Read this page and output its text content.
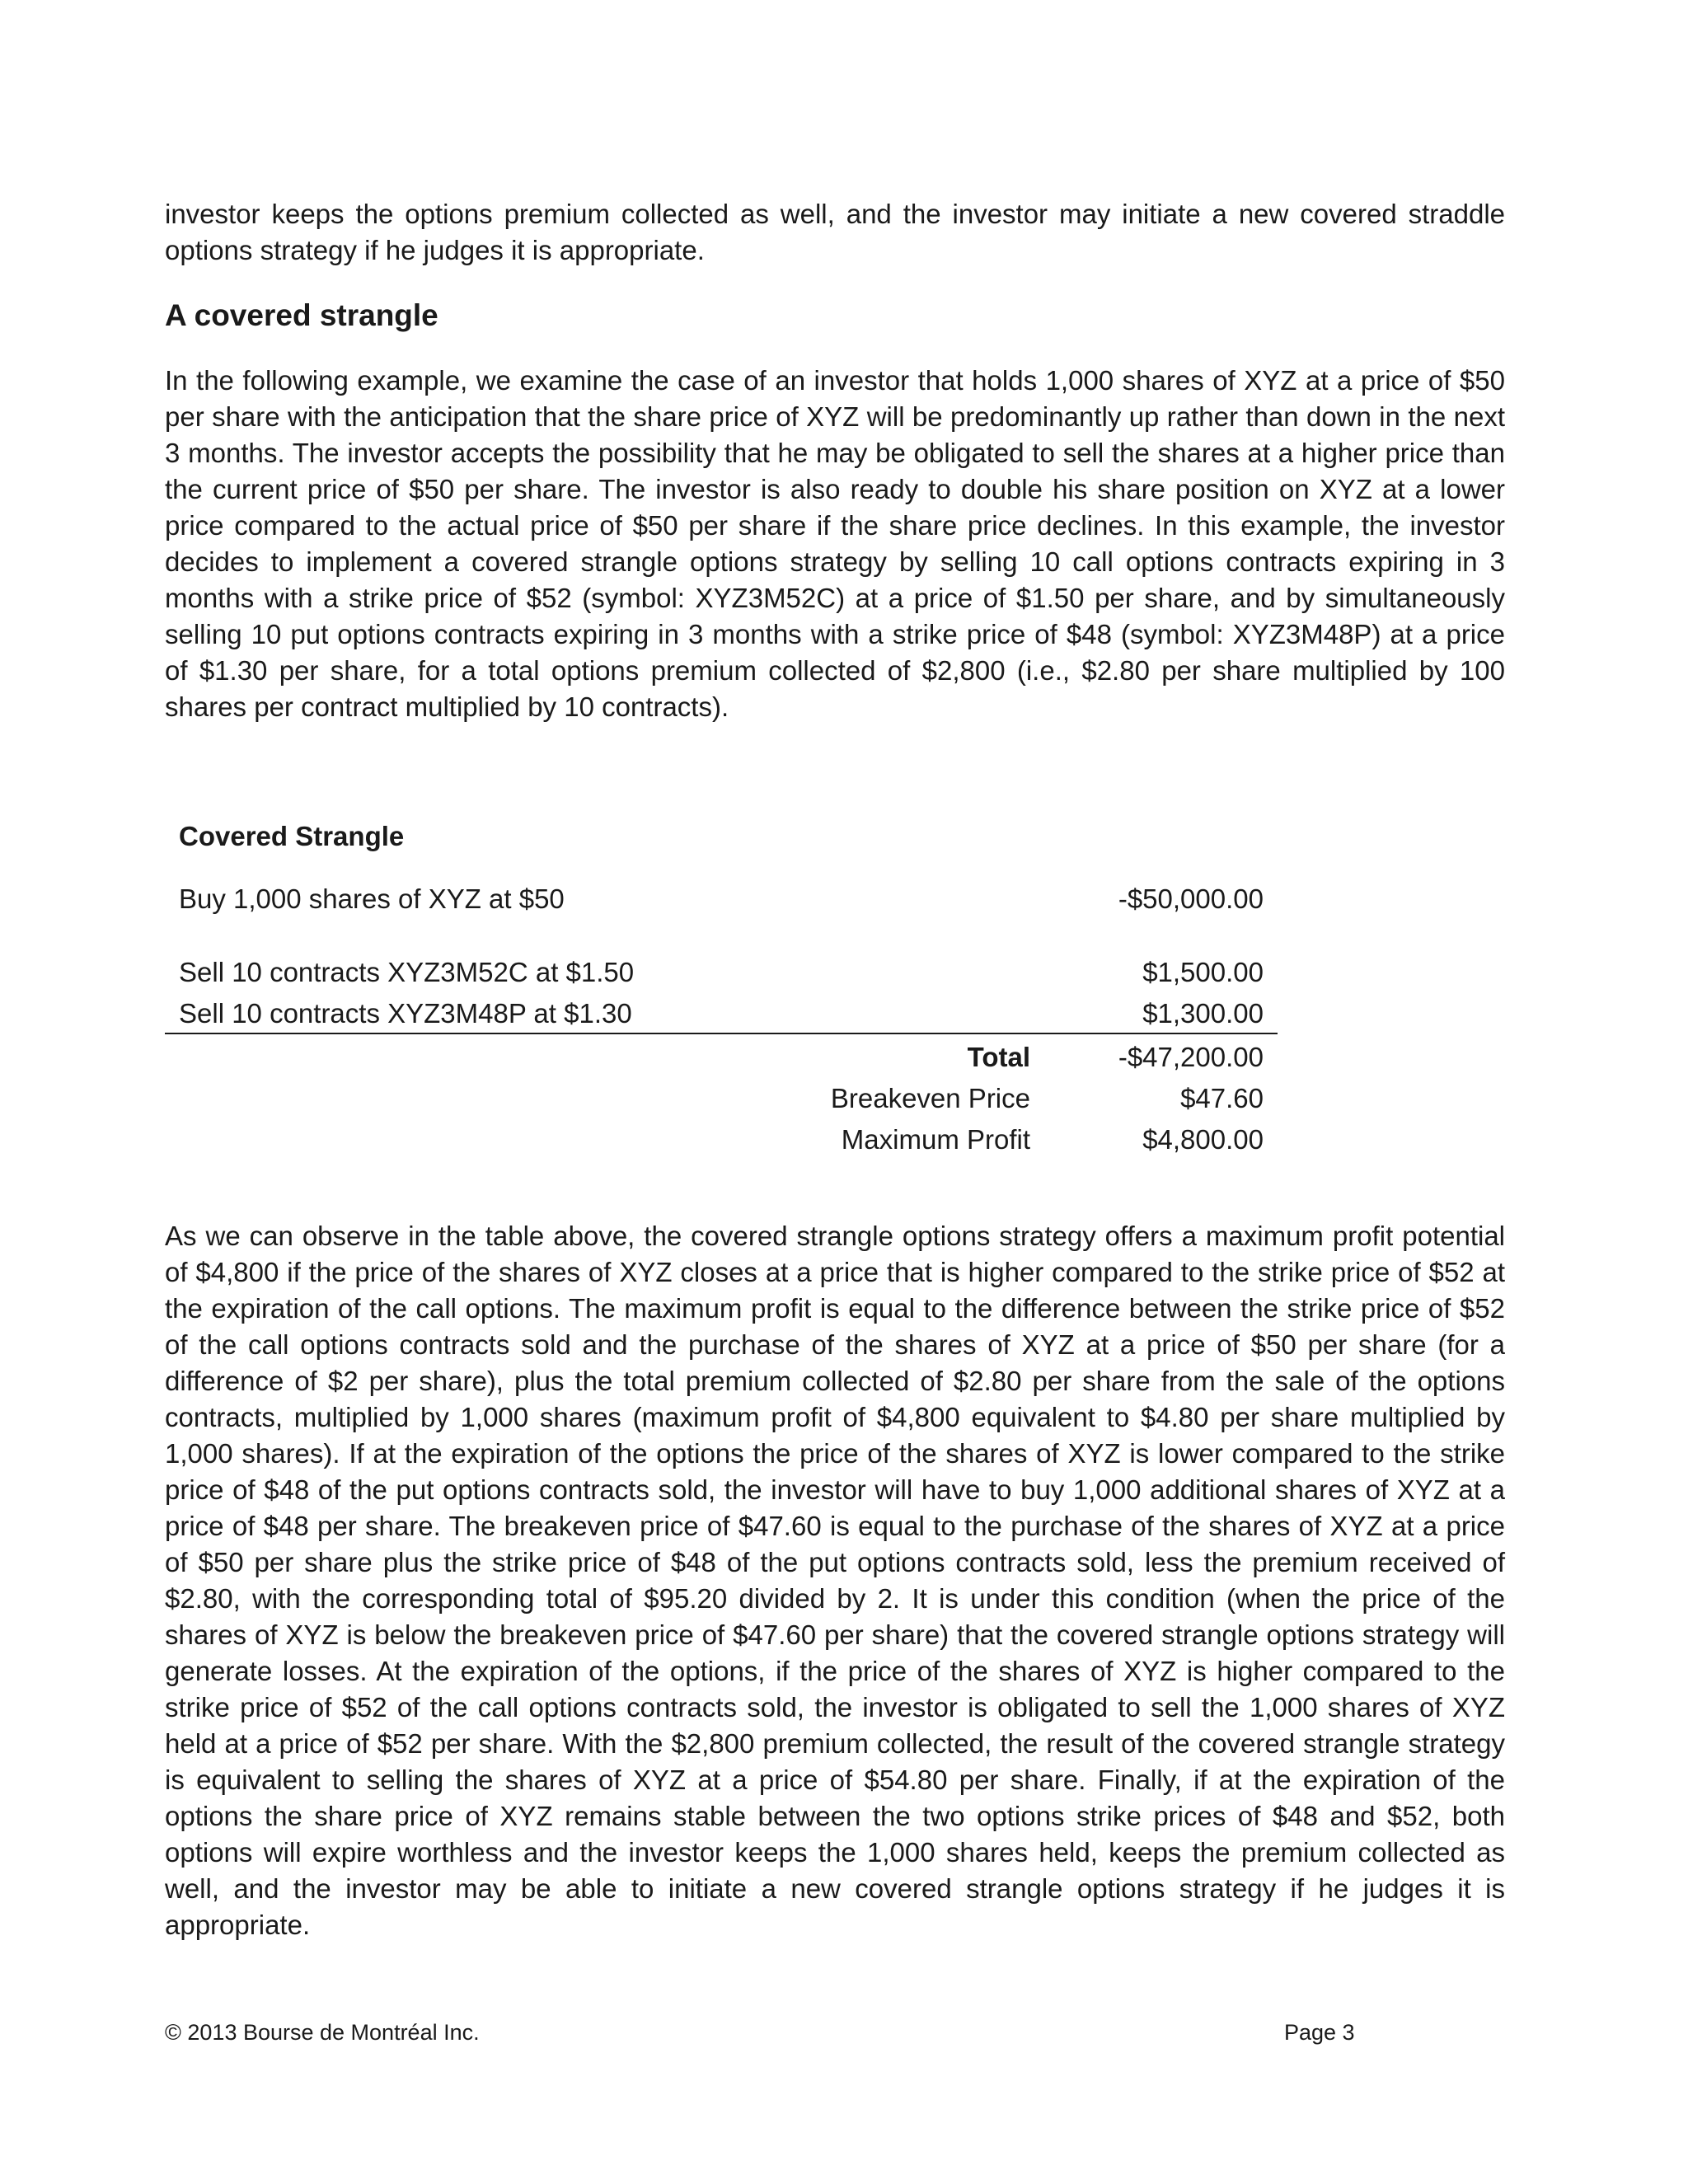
investor keeps the options premium collected as well, and the investor may initiate a new covered straddle options strategy if he judges it is appropriate.

A covered strangle

In the following example, we examine the case of an investor that holds 1,000 shares of XYZ at a price of $50 per share with the anticipation that the share price of XYZ will be predominantly up rather than down in the next 3 months. The investor accepts the possibility that he may be obligated to sell the shares at a higher price than the current price of $50 per share. The investor is also ready to double his share position on XYZ at a lower price compared to the actual price of $50 per share if the share price declines. In this example, the investor decides to implement a covered strangle options strategy by selling 10 call options contracts expiring in 3 months with a strike price of $52 (symbol: XYZ3M52C) at a price of $1.50 per share, and by simultaneously selling 10 put options contracts expiring in 3 months with a strike price of $48 (symbol: XYZ3M48P) at a price of $1.30 per share, for a total options premium collected of $2,800 (i.e., $2.80 per share multiplied by 100 shares per contract multiplied by 10 contracts).

Covered Strangle
Buy 1,000 shares of XYZ at $50	-$50,000.00
Sell 10 contracts XYZ3M52C at $1.50	$1,500.00
Sell 10 contracts XYZ3M48P at $1.30	$1,300.00
Total	-$47,200.00
Breakeven Price	$47.60
Maximum Profit	$4,800.00

As we can observe in the table above, the covered strangle options strategy offers a maximum profit potential of $4,800 if the price of the shares of XYZ closes at a price that is higher compared to the strike price of $52 at the expiration of the call options. The maximum profit is equal to the difference between the strike price of $52 of the call options contracts sold and the purchase of the shares of XYZ at a price of $50 per share (for a difference of $2 per share), plus the total premium collected of $2.80 per share from the sale of the options contracts, multiplied by 1,000 shares (maximum profit of $4,800 equivalent to $4.80 per share multiplied by 1,000 shares). If at the expiration of the options the price of the shares of XYZ is lower compared to the strike price of $48 of the put options contracts sold, the investor will have to buy 1,000 additional shares of XYZ at a price of $48 per share. The breakeven price of $47.60 is equal to the purchase of the shares of XYZ at a price of $50 per share plus the strike price of $48 of the put options contracts sold, less the premium received of $2.80, with the corresponding total of $95.20 divided by 2. It is under this condition (when the price of the shares of XYZ is below the breakeven price of $47.60 per share) that the covered strangle options strategy will generate losses. At the expiration of the options, if the price of the shares of XYZ is higher compared to the strike price of $52 of the call options contracts sold, the investor is obligated to sell the 1,000 shares of XYZ held at a price of $52 per share. With the $2,800 premium collected, the result of the covered strangle strategy is equivalent to selling the shares of XYZ at a price of $54.80 per share. Finally, if at the expiration of the options the share price of XYZ remains stable between the two options strike prices of $48 and $52, both options will expire worthless and the investor keeps the 1,000 shares held, keeps the premium collected as well, and the investor may be able to initiate a new covered strangle options strategy if he judges it is appropriate.

© 2013 Bourse de Montréal Inc.	Page 3
